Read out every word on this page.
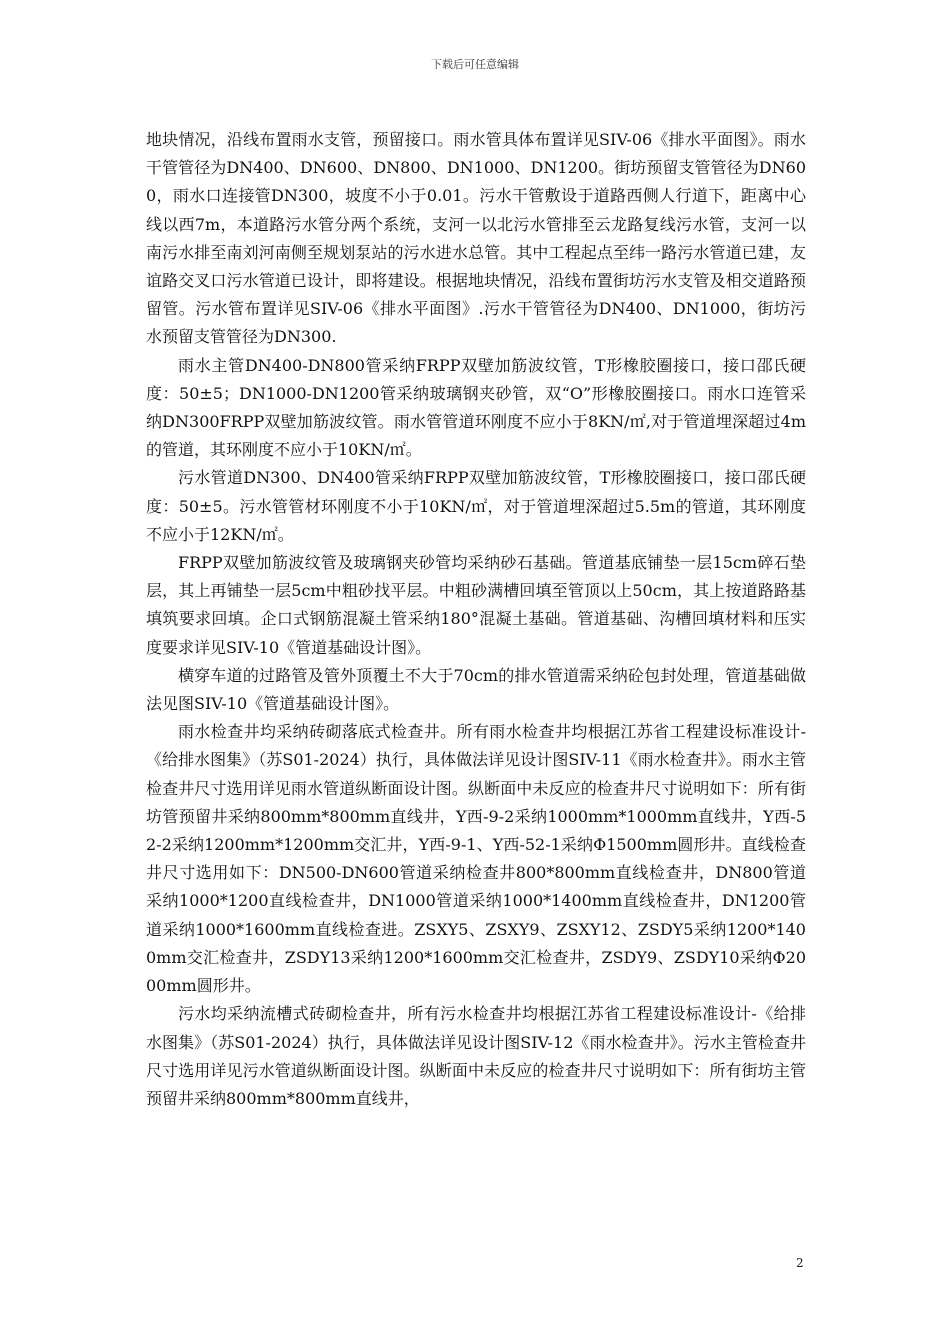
下载后可任意编辑

地块情况，沿线布置雨水支管，预留接口。雨水管具体布置详见SIV-06《排水平面图》。雨水干管管径为DN400、DN600、DN800、DN1000、DN1200。街坊预留支管管径为DN600，雨水口连接管DN300，坡度不小于0.01。污水干管敷设于道路西侧人行道下，距离中心线以西7m，本道路污水管分两个系统，支河一以北污水管排至云龙路复线污水管，支河一以南污水排至南刘河南侧至规划泵站的污水进水总管。其中工程起点至纬一路污水管道已建，友谊路交叉口污水管道已设计，即将建设。根据地块情况，沿线布置街坊污水支管及相交道路预留管。污水管布置详见SIV-06《排水平面图》.污水干管管径为DN400、DN1000，街坊污水预留支管管径为DN300.

雨水主管DN400-DN800管采纳FRPP双壁加筋波纹管，T形橡胶圈接口，接口邵氏硬度：50±5；DN1000-DN1200管采纳玻璃钢夹砂管，双“O”形橡胶圈接口。雨水口连管采纳DN300FRPP双壁加筋波纹管。雨水管管道环刚度不应小于8KN/㎡,对于管道埋深超过4m的管道，其环刚度不应小于10KN/㎡。

污水管道DN300、DN400管采纳FRPP双壁加筋波纹管，T形橡胶圈接口，接口邵氏硬度：50±5。污水管管材环刚度不小于10KN/㎡，对于管道埋深超过5.5m的管道，其环刚度不应小于12KN/㎡。

FRPP双壁加筋波纹管及玻璃钢夹砂管均采纳砂石基础。管道基底铺垫一层15cm碎石垫层，其上再铺垫一层5cm中粗砂找平层。中粗砂满槽回填至管顶以上50cm，其上按道路路基填筑要求回填。企口式钢筋混凝土管采纳180°混凝土基础。管道基础、沟槽回填材料和压实度要求详见SIV-10《管道基础设计图》。

横穿车道的过路管及管外顶覆土不大于70cm的排水管道需采纳砼包封处理，管道基础做法见图SIV-10《管道基础设计图》。

雨水检查井均采纳砖砌落底式检查井。所有雨水检查井均根据江苏省工程建设标准设计-《给排水图集》（苏S01-2024）执行，具体做法详见设计图SIV-11《雨水检查井》。雨水主管检查井尺寸选用详见雨水管道纵断面设计图。纵断面中未反应的检查井尺寸说明如下：所有街坊管预留井采纳800mm*800mm直线井，Y西-9-2采纳1000mm*1000mm直线井，Y西-52-2采纳1200mm*1200mm交汇井，Y西-9-1、Y西-52-1采纳Φ1500mm圆形井。直线检查井尺寸选用如下：DN500-DN600管道采纳检查井800*800mm直线检查井，DN800管道采纳1000*1200直线检查井，DN1000管道采纳1000*1400mm直线检查井，DN1200管道采纳1000*1600mm直线检查进。ZSXY5、ZSXY9、ZSXY12、ZSDY5采纳1200*1400mm交汇检查井，ZSDY13采纳1200*1600mm交汇检查井，ZSDY9、ZSDY10采纳Φ2000mm圆形井。

污水均采纳流槽式砖砌检查井，所有污水检查井均根据江苏省工程建设标准设计-《给排水图集》（苏S01-2024）执行，具体做法详见设计图SIV-12《雨水检查井》。污水主管检查井尺寸选用详见污水管道纵断面设计图。纵断面中未反应的检查井尺寸说明如下：所有街坊主管预留井采纳800mm*800mm直线井，

2
